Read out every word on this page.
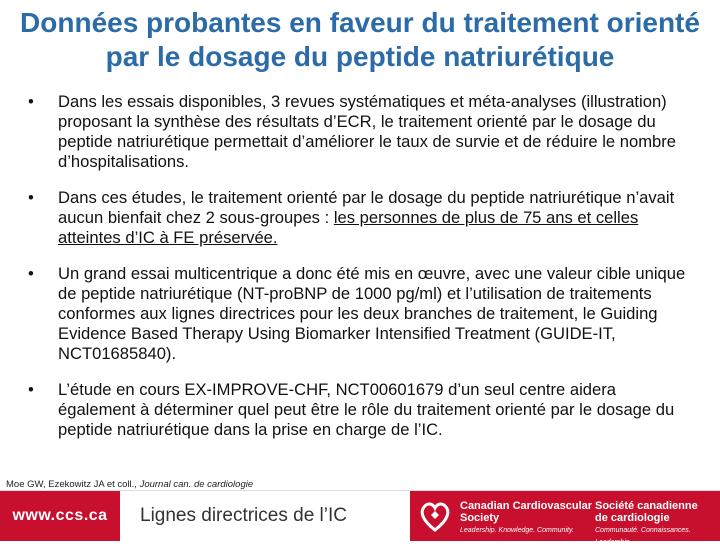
Données probantes en faveur du traitement orienté par le dosage du peptide natriurétique
• Dans les essais disponibles, 3 revues systématiques et méta-analyses (illustration) proposant la synthèse des résultats d’ECR, le traitement orienté par le dosage du peptide natriurétique permettait d’améliorer le taux de survie et de réduire le nombre d’hospitalisations.
• Dans ces études, le traitement orienté par le dosage du peptide natriurétique n’avait aucun bienfait chez 2 sous-groupes : les personnes de plus de 75 ans et celles atteintes d’IC à FE préservée.
• Un grand essai multicentrique a donc été mis en œuvre, avec une valeur cible unique de peptide natriurétique (NT-proBNP de 1000 pg/ml) et l’utilisation de traitements conformes aux lignes directrices pour les deux branches de traitement, le Guiding Evidence Based Therapy Using Biomarker Intensified Treatment (GUIDE-IT, NCT01685840).
• L’étude en cours EX-IMPROVE-CHF, NCT00601679 d’un seul centre aidera également à déterminer quel peut être le rôle du traitement orienté par le dosage du peptide natriurétique dans la prise en charge de l’IC.
Moe GW, Ezekowitz JA et coll., Journal can. de cardiologie
www.ccs.ca	Lignes directrices de l’IC	Canadian Cardiovascular
Society
Leadership. Knowledge. Community.
Société canadienne
de cardiologie
Communauté. Connaissances. Leadership.
